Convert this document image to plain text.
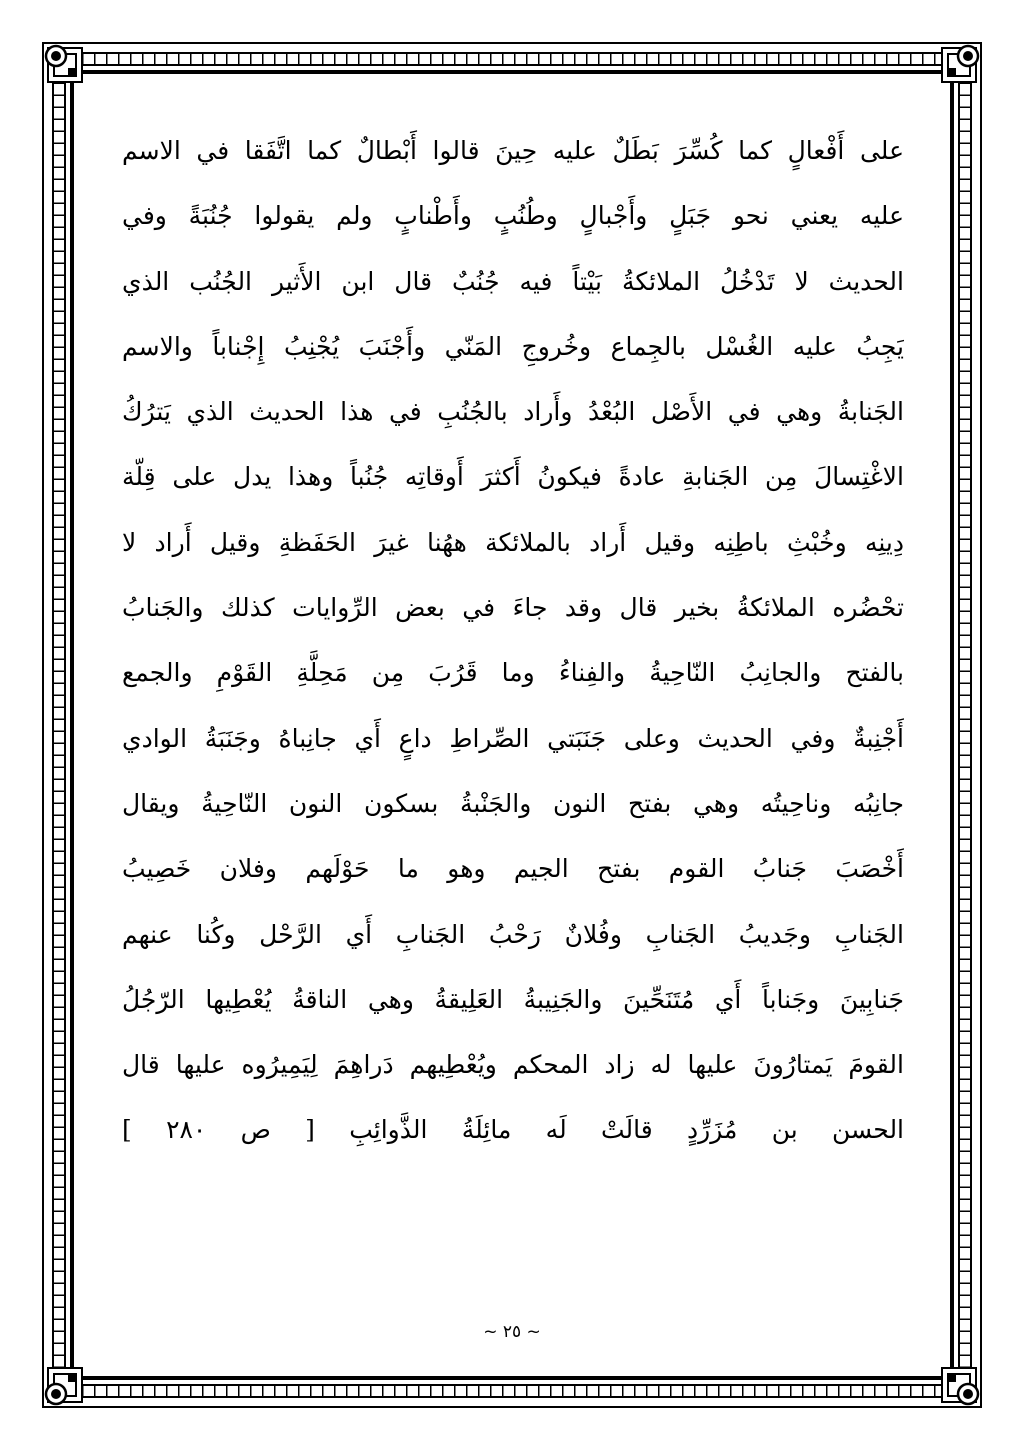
على أَفْعالٍ كما كُسِّرَ بَطَلٌ عليه حِينَ قالوا أَبْطالٌ كما اتَّفَقا في الاسم
عليه يعني نحو جَبَلٍ وأَجْبالٍ وطُنُبٍ وأَطْنابٍ ولم يقولوا جُنُبَةً وفي
الحديث لا تَدْخُلُ الملائكةُ بَيْتاً فيه جُنُبٌ قال ابن الأَثير الجُنُب الذي
يَجِبُ عليه الغُسْل بالجِماع وخُروجِ المَنّي وأَجْنَبَ يُجْنِبُ إِجْناباً والاسم
الجَنابةُ وهي في الأَصْل البُعْدُ وأَراد بالجُنُبِ في هذا الحديث الذي يَترُكُ
الاغْتِسالَ مِن الجَنابةِ عادةً فيكونُ أَكثرَ أَوقاتِه جُنُباً وهذا يدل على قِلّة
دِينِه وخُبْثِ باطِنِه وقيل أَراد بالملائكة ههُنا غيرَ الحَفَظةِ وقيل أَراد لا
تحْضُره الملائكةُ بخير قال وقد جاءَ في بعض الرِّوايات كذلك والجَنابُ
بالفتح والجانِبُ النّاحِيةُ والفِناءُ وما قَرُبَ مِن مَحِلَّةِ القَوْمِ والجمع
أَجْنِبةٌ وفي الحديث وعلى جَنَبَتي الصِّراطِ داعٍ أَي جانِباهُ وجَنَبَةُ الوادي
جانِبُه وناحِيتُه وهي بفتح النون والجَنْبةُ بسكون النون النّاحِيةُ ويقال
أَخْصَبَ جَنابُ القوم بفتح الجيم وهو ما حَوْلَهم وفلان خَصِيبُ
الجَنابِ وجَديبُ الجَنابِ وفُلانٌ رَحْبُ الجَنابِ أَي الرَّحْل وكُنا عنهم
جَنابِينَ وجَناباً أَي مُتَنَحِّينَ والجَنِيبةُ العَلِيقةُ وهي الناقةُ يُعْطِيها الرّجُلُ
القومَ يَمتارُونَ عليها له زاد المحكم ويُعْطِيهم دَراهِمَ لِيَمِيرُوه عليها قال
الحسن بن مُزَرِّدٍ قالَتْ لَه مائِلَةُ الذَّوائِبِ [ ص ٢٨٠ ]
~ ٢٥ ~
